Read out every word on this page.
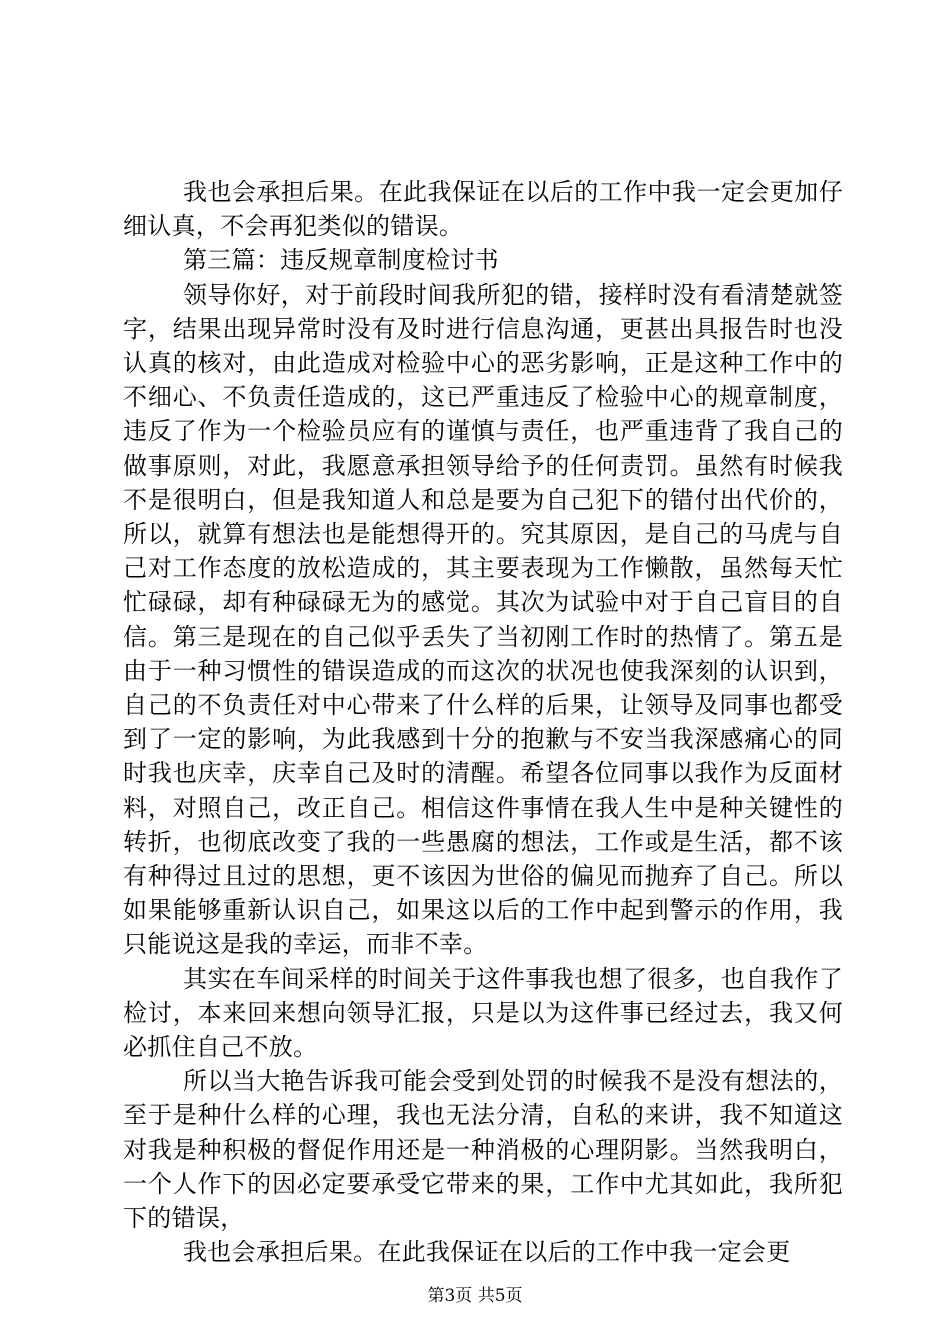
我也会承担后果。在此我保证在以后的工作中我一定会更加仔细认真，不会再犯类似的错误。

第三篇：违反规章制度检讨书

领导你好，对于前段时间我所犯的错，接样时没有看清楚就签字，结果出现异常时没有及时进行信息沟通，更甚出具报告时也没认真的核对，由此造成对检验中心的恶劣影响，正是这种工作中的不细心、不负责任造成的，这已严重违反了检验中心的规章制度，违反了作为一个检验员应有的谨慎与责任，也严重违背了我自己的做事原则，对此，我愿意承担领导给予的任何责罚。虽然有时候我不是很明白，但是我知道人和总是要为自己犯下的错付出代价的，所以，就算有想法也是能想得开的。究其原因，是自己的马虎与自己对工作态度的放松造成的，其主要表现为工作懒散，虽然每天忙忙碌碌，却有种碌碌无为的感觉。其次为试验中对于自己盲目的自信。第三是现在的自己似乎丢失了当初刚工作时的热情了。第五是由于一种习惯性的错误造成的而这次的状况也使我深刻的认识到，自己的不负责任对中心带来了什么样的后果，让领导及同事也都受到了一定的影响，为此我感到十分的抱歉与不安当我深感痛心的同时我也庆幸，庆幸自己及时的清醒。希望各位同事以我作为反面材料，对照自己，改正自己。相信这件事情在我人生中是种关键性的转折，也彻底改变了我的一些愚腐的想法，工作或是生活，都不该有种得过且过的思想，更不该因为世俗的偏见而抛弃了自己。所以如果能够重新认识自己，如果这以后的工作中起到警示的作用，我只能说这是我的幸运，而非不幸。

其实在车间采样的时间关于这件事我也想了很多，也自我作了检讨，本来回来想向领导汇报，只是以为这件事已经过去，我又何必抓住自己不放。

所以当大艳告诉我可能会受到处罚的时候我不是没有想法的，至于是种什么样的心理，我也无法分清，自私的来讲，我不知道这对我是种积极的督促作用还是一种消极的心理阴影。当然我明白，一个人作下的因必定要承受它带来的果，工作中尤其如此，我所犯下的错误，

我也会承担后果。在此我保证在以后的工作中我一定会更

第3页 共5页
